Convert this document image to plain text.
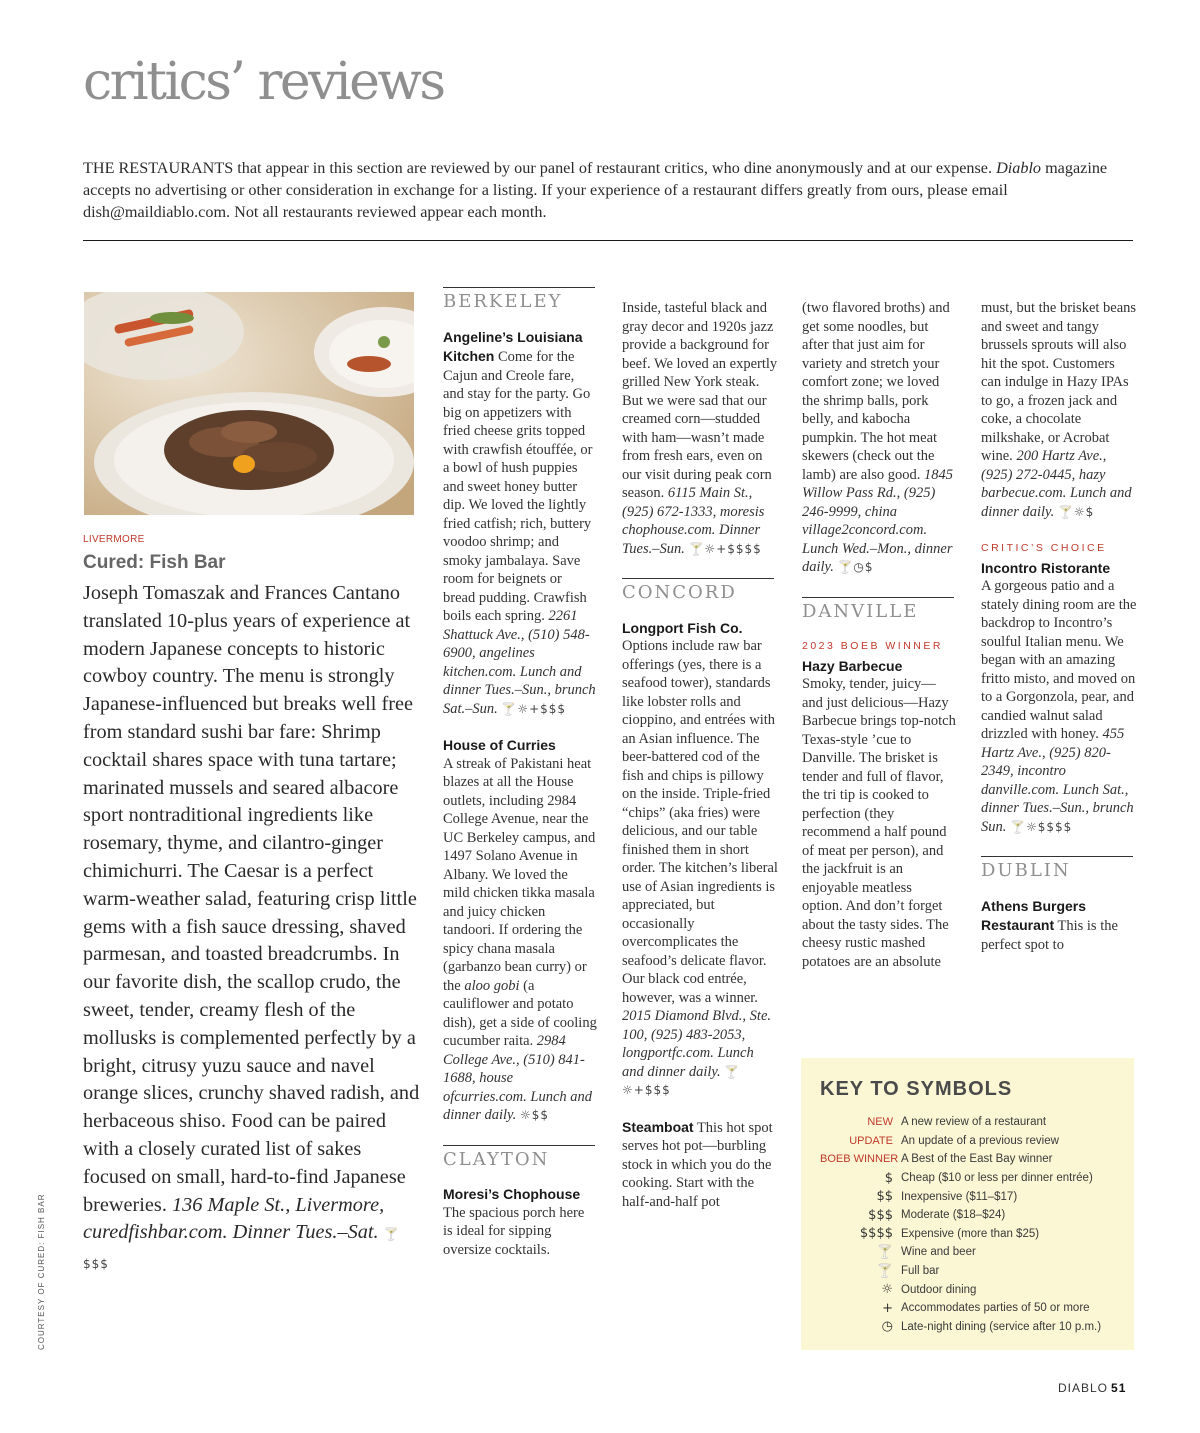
critics’ reviews

THE RESTAURANTS that appear in this section are reviewed by our panel of restaurant critics, who dine anonymously and at our expense. Diablo magazine accepts no advertising or other consideration in exchange for a listing. If your experience of a restaurant differs greatly from ours, please email dish@maildiablo.com. Not all restaurants reviewed appear each month.

LIVERMORE
Cured: Fish Bar

Joseph Tomaszak and Frances Cantano translated 10-plus years of experience at modern Japanese concepts to historic cowboy country. The menu is strongly Japanese-influenced but breaks well free from standard sushi bar fare: Shrimp cocktail shares space with tuna tartare; marinated mussels and seared albacore sport nontraditional ingredients like rosemary, thyme, and cilantro-ginger chimichurri. The Caesar is a perfect warm-weather salad, featuring crisp little gems with a fish sauce dressing, shaved parmesan, and toasted breadcrumbs. In our favorite dish, the scallop crudo, the sweet, tender, creamy flesh of the mollusks is complemented perfectly by a bright, citrusy yuzu sauce and navel orange slices, crunchy shaved radish, and herbaceous shiso. Food can be paired with a closely curated list of sakes focused on small, hard-to-find Japanese breweries. 136 Maple St., Livermore, curedfishbar.com. Dinner Tues.–Sat. 🍸$$$

COURTESY OF CURED: FISH BAR
BERKELEY

Angeline’s Louisiana Kitchen Come for the Cajun and Creole fare, and stay for the party. Go big on appetizers with fried cheese grits topped with crawfish étouffée, or a bowl of hush puppies and sweet honey butter dip. We loved the lightly fried catfish; rich, buttery voodoo shrimp; and smoky jambalaya. Save room for beignets or bread pudding. Crawfish boils each spring. 2261 Shattuck Ave., (510) 548-6900, angelines kitchen.com. Lunch and dinner Tues.–Sun., brunch Sat.–Sun. 🍸☼+$$$

House of Curries
A streak of Pakistani heat blazes at all the House outlets, including 2984 College Avenue, near the UC Berkeley campus, and 1497 Solano Avenue in Albany. We loved the mild chicken tikka masala and juicy chicken tandoori. If ordering the spicy chana masala (garbanzo bean curry) or the aloo gobi (a cauliflower and potato dish), get a side of cooling cucumber raita. 2984 College Ave., (510) 841-1688, house ofcurries.com. Lunch and dinner daily. ☼$$

CLAYTON

Moresi’s Chophouse
The spacious porch here is ideal for sipping oversize cocktails.

Inside, tasteful black and gray decor and 1920s jazz provide a background for beef. We loved an expertly grilled New York steak. But we were sad that our creamed corn—studded with ham—wasn’t made from fresh ears, even on our visit during peak corn season. 6115 Main St., (925) 672-1333, moresis chophouse.com. Dinner Tues.–Sun. 🍸☼+$$$$

CONCORD

Longport Fish Co.
Options include raw bar offerings (yes, there is a seafood tower), standards like lobster rolls and cioppino, and entrées with an Asian influence. The beer-battered cod of the fish and chips is pillowy on the inside. Triple-fried “chips” (aka fries) were delicious, and our table finished them in short order. The kitchen’s liberal use of Asian ingredients is appreciated, but occasionally overcomplicates the seafood’s delicate flavor. Our black cod entrée, however, was a winner. 2015 Diamond Blvd., Ste. 100, (925) 483-2053, longportfc.com. Lunch and dinner daily. 🍸☼+$$$

Steamboat This hot spot serves hot pot—burbling stock in which you do the cooking. Start with the half-and-half pot

(two flavored broths) and get some noodles, but after that just aim for variety and stretch your comfort zone; we loved the shrimp balls, pork belly, and kabocha pumpkin. The hot meat skewers (check out the lamb) are also good. 1845 Willow Pass Rd., (925) 246-9999, china village2concord.com. Lunch Wed.–Mon., dinner daily. 🍸◷$

DANVILLE

2023 BOEB WINNER
Hazy Barbecue
Smoky, tender, juicy—and just delicious—Hazy Barbecue brings top-notch Texas-style ’cue to Danville. The brisket is tender and full of flavor, the tri tip is cooked to perfection (they recommend a half pound of meat per person), and the jackfruit is an enjoyable meatless option. And don’t forget about the tasty sides. The cheesy rustic mashed potatoes are an absolute

must, but the brisket beans and sweet and tangy brussels sprouts will also hit the spot. Customers can indulge in Hazy IPAs to go, a frozen jack and coke, a chocolate milkshake, or Acrobat wine. 200 Hartz Ave., (925) 272-0445, hazy barbecue.com. Lunch and dinner daily. 🍸☼$

CRITIC’S CHOICE
Incontro Ristorante
A gorgeous patio and a stately dining room are the backdrop to Incontro’s soulful Italian menu. We began with an amazing fritto misto, and moved on to a Gorgonzola, pear, and candied walnut salad drizzled with honey. 455 Hartz Ave., (925) 820-2349, incontro danville.com. Lunch Sat., dinner Tues.–Sun., brunch Sun. 🍸☼$$$$

DUBLIN

Athens Burgers Restaurant This is the perfect spot to

KEY TO SYMBOLS
NEW A new review of a restaurant
UPDATE An update of a previous review
BOEB WINNER A Best of the East Bay winner
$ Cheap ($10 or less per dinner entrée)
$$ Inexpensive ($11–$17)
$$$ Moderate ($18–$24)
$$$$ Expensive (more than $25)
🍸 Wine and beer
🍸 Full bar
☼ Outdoor dining
+ Accommodates parties of 50 or more
◷ Late-night dining (service after 10 p.m.)
DIABLO 51
